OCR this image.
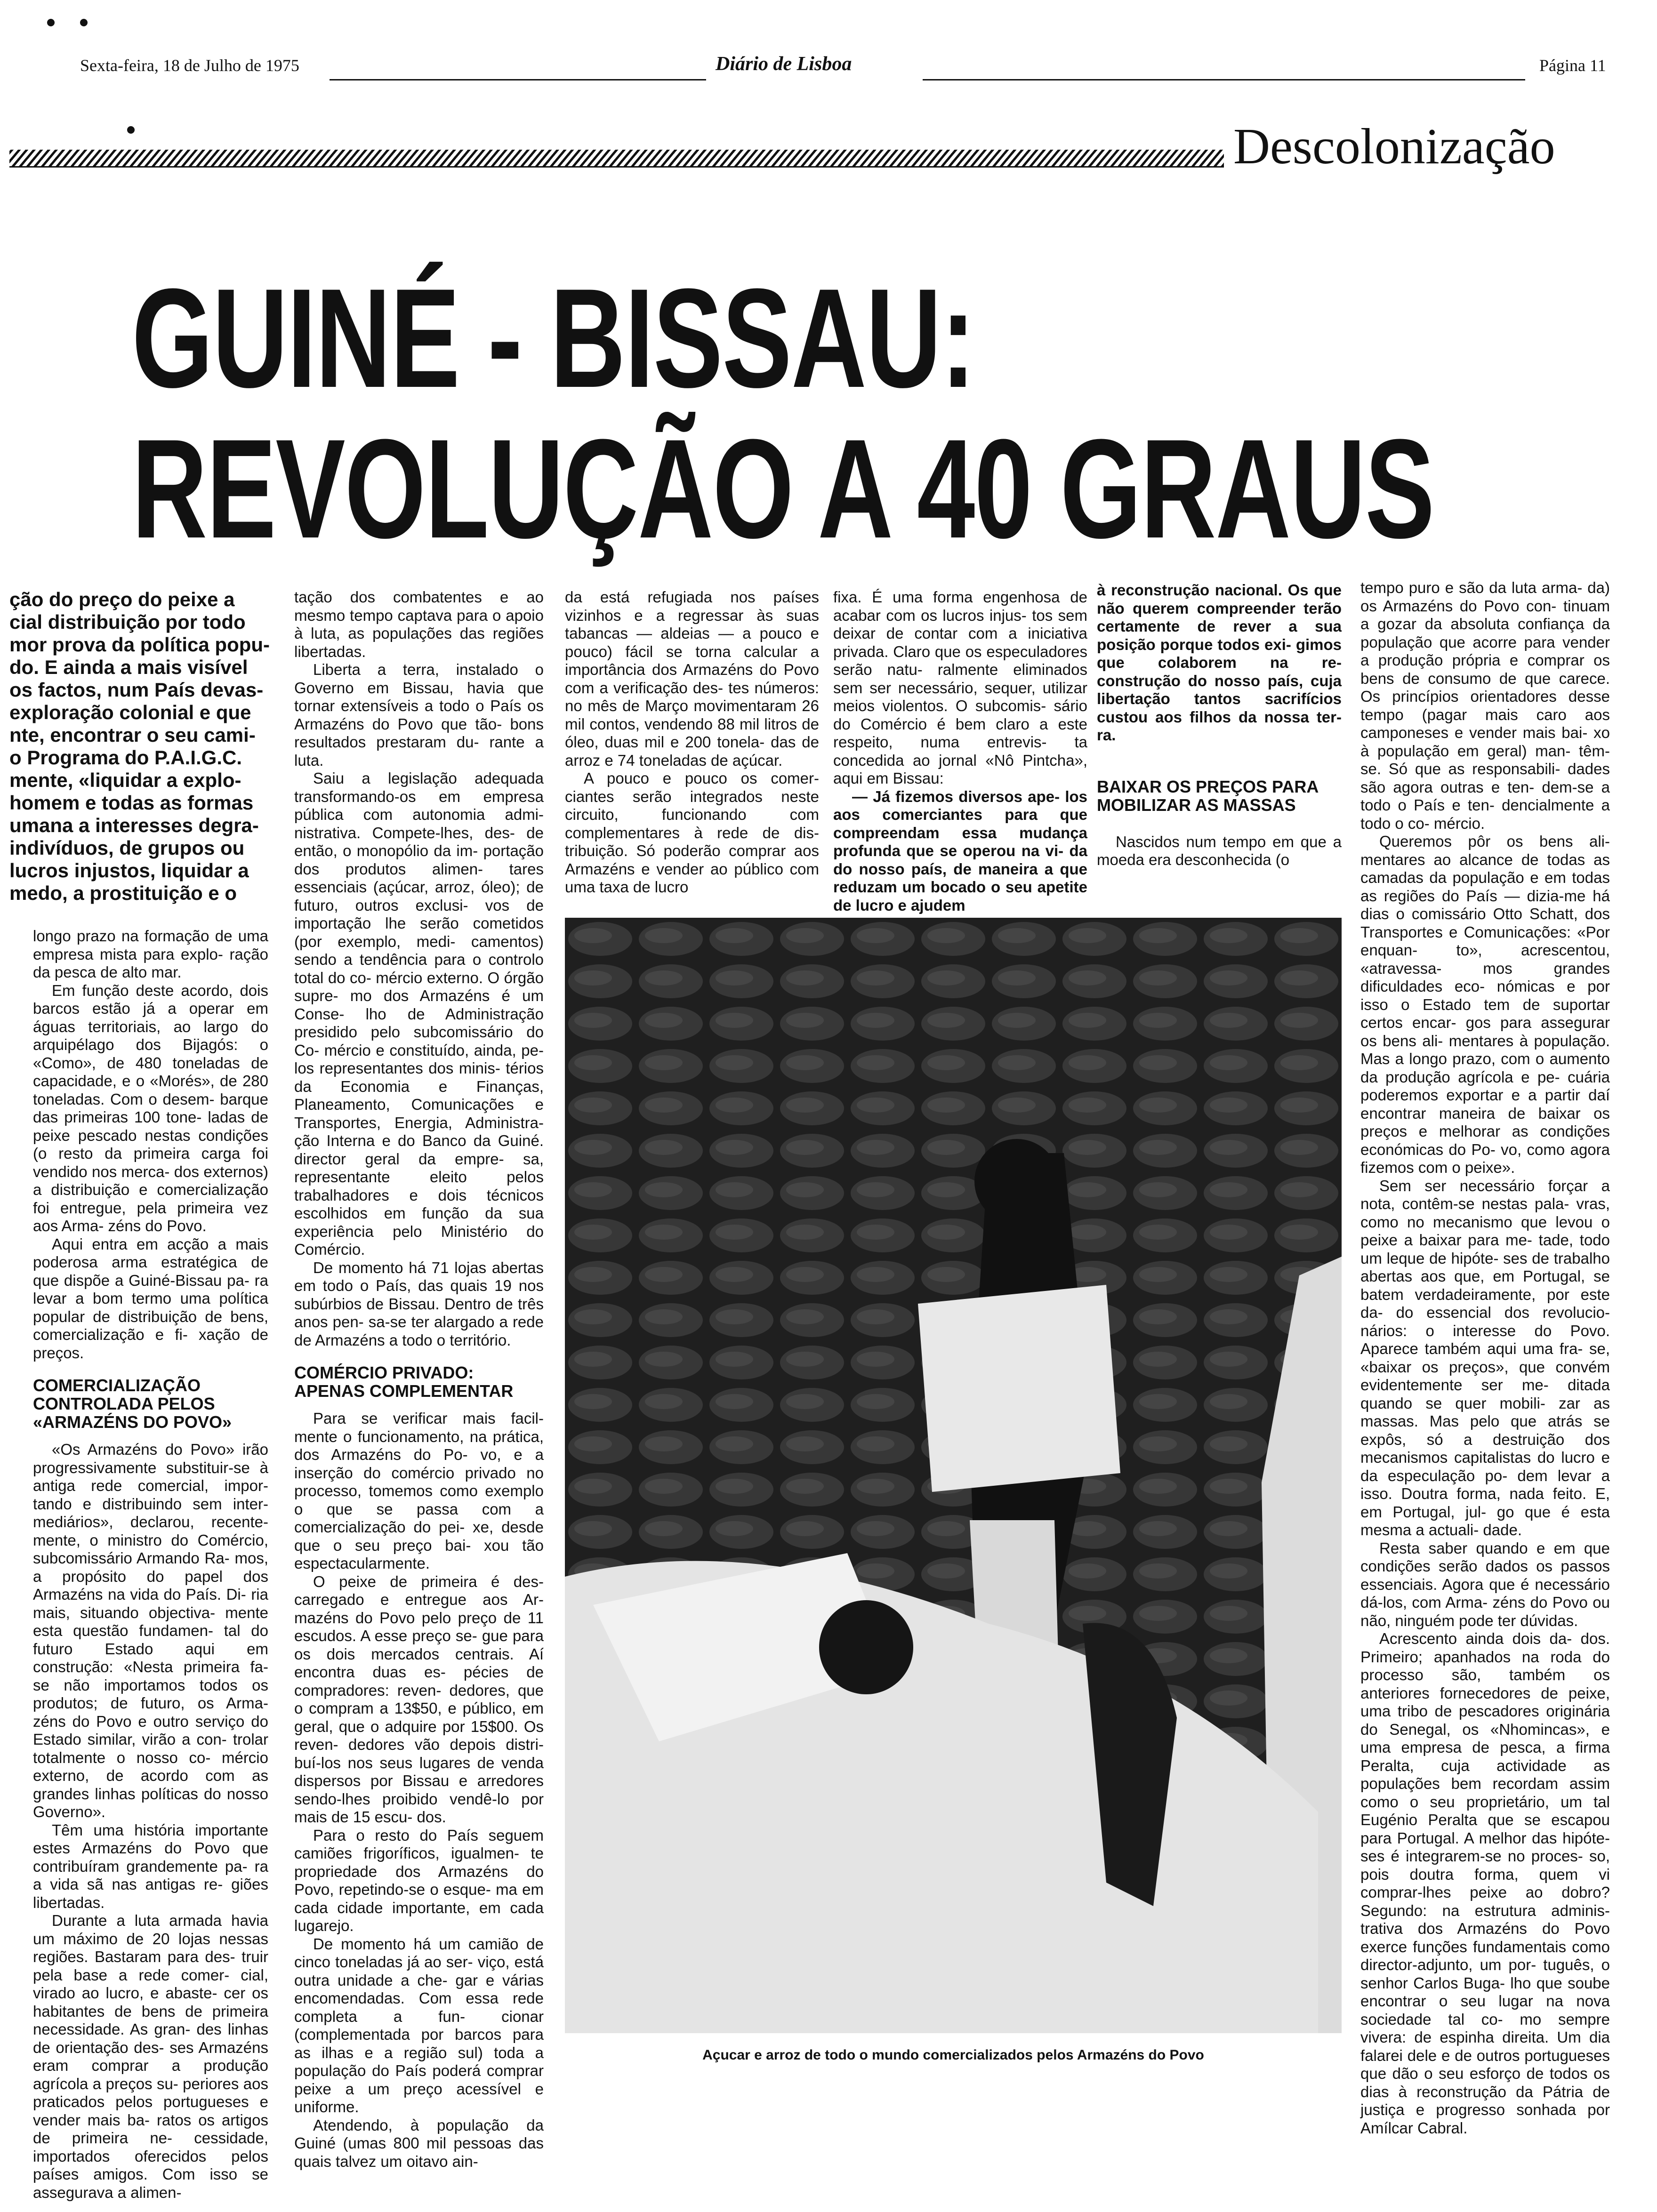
Sexta-feira, 18 de Julho de 1975	Diário de Lisboa	Página 11
Descolonização
GUINÉ - BISSAU:
REVOLUÇÃO A 40 GRAUS
ção do preço do peixe a cial distribuição por todo mor prova da política popu- do. E ainda a mais visível os factos, num País devas- exploração colonial e que nte, encontrar o seu cami- o Programa do P.A.I.G.C. mente, «liquidar a explo- homem e todas as formas umana a interesses degra- indivíduos, de grupos ou lucros injustos, liquidar a medo, a prostituição e o

longo prazo na formação de uma empresa mista para explo- ração da pesca de alto mar.

Em função deste acordo, dois barcos estão já a operar em águas territoriais, ao largo do arquipélago dos Bijagós: o «Como», de 480 toneladas de capacidade, e o «Morés», de 280 toneladas. Com o desem- barque das primeiras 100 tone- ladas de peixe pescado nestas condições (o resto da primeira carga foi vendido nos merca- dos externos) a distribuição e comercialização foi entregue, pela primeira vez aos Arma- zéns do Povo.

Aqui entra em acção a mais poderosa arma estratégica de que dispõe a Guiné-Bissau pa- ra levar a bom termo uma política popular de distribuição de bens, comercialização e fi- xação de preços.

COMERCIALIZAÇÃO CONTROLADA PELOS «ARMAZÉNS DO POVO»

«Os Armazéns do Povo» irão progressivamente substituir-se à antiga rede comercial, impor- tando e distribuindo sem inter- mediários», declarou, recente- mente, o ministro do Comércio, subcomissário Armando Ra- mos, a propósito do papel dos Armazéns na vida do País. Di- ria mais, situando objectiva- mente esta questão fundamen- tal do futuro Estado aqui em construção: «Nesta primeira fa- se não importamos todos os produtos; de futuro, os Arma- zéns do Povo e outro serviço do Estado similar, virão a con- trolar totalmente o nosso co- mércio externo, de acordo com as grandes linhas políticas do nosso Governo».

Têm uma história importante estes Armazéns do Povo que contribuíram grandemente pa- ra a vida sã nas antigas re- giões libertadas.

Durante a luta armada havia um máximo de 20 lojas nessas regiões. Bastaram para des- truir pela base a rede comer- cial, virado ao lucro, e abaste- cer os habitantes de bens de primeira necessidade. As gran- des linhas de orientação des- ses Armazéns eram comprar a produção agrícola a preços su- periores aos praticados pelos portugueses e vender mais ba- ratos os artigos de primeira ne- cessidade, importados oferecidos pelos países amigos. Com isso se assegurava a alimen-

tação dos combatentes e ao mesmo tempo captava para o apoio à luta, as populações das regiões libertadas.

Liberta a terra, instalado o Governo em Bissau, havia que tornar extensíveis a todo o País os Armazéns do Povo que tão- bons resultados prestaram du- rante a luta.

Saiu a legislação adequada transformando-os em empresa pública com autonomia admi- nistrativa. Compete-lhes, des- de então, o monopólio da im- portação dos produtos alimen- tares essenciais (açúcar, arroz, óleo); de futuro, outros exclusi- vos de importação lhe serão cometidos (por exemplo, medi- camentos) sendo a tendência para o controlo total do co- mércio externo. O órgão supre- mo dos Armazéns é um Conse- lho de Administração presidido pelo subcomissário do Co- mércio e constituído, ainda, pe- los representantes dos minis- térios da Economia e Finanças, Planeamento, Comunicações e Transportes, Energia, Administra- ção Interna e do Banco da Guiné. director geral da empre- sa, representante eleito pelos trabalhadores e dois técnicos escolhidos em função da sua experiência pelo Ministério do Comércio.

De momento há 71 lojas abertas em todo o País, das quais 19 nos subúrbios de Bissau. Dentro de três anos pen- sa-se ter alargado a rede de Armazéns a todo o território.

COMÉRCIO PRIVADO: APENAS COMPLEMENTAR

Para se verificar mais facil- mente o funcionamento, na prática, dos Armazéns do Po- vo, e a inserção do comércio privado no processo, tomemos como exemplo o que se passa com a comercialização do pei- xe, desde que o seu preço bai- xou tão espectacularmente.

O peixe de primeira é des- carregado e entregue aos Ar- mazéns do Povo pelo preço de 11 escudos. A esse preço se- gue para os dois mercados centrais. Aí encontra duas es- pécies de compradores: reven- dedores, que o compram a 13$50, e público, em geral, que o adquire por 15$00. Os reven- dedores vão depois distri- buí-los nos seus lugares de venda dispersos por Bissau e arredores sendo-lhes proibido vendê-lo por mais de 15 escu- dos.

Para o resto do País seguem camiões frigoríficos, igualmen- te propriedade dos Armazéns do Povo, repetindo-se o esque- ma em cada cidade importante, em cada lugarejo.

De momento há um camião de cinco toneladas já ao ser- viço, está outra unidade a che- gar e várias encomendadas. Com essa rede completa a fun- cionar (complementada por barcos para as ilhas e a região sul) toda a população do País poderá comprar peixe a um preço acessível e uniforme.

Atendendo, à população da Guiné (umas 800 mil pessoas das quais talvez um oitavo ain-

da está refugiada nos países vizinhos e a regressar às suas tabancas — aldeias — a pouco e pouco) fácil se torna calcular a importância dos Armazéns do Povo com a verificação des- tes números: no mês de Março movimentaram 26 mil contos, vendendo 88 mil litros de óleo, duas mil e 200 tonela- das de arroz e 74 toneladas de açúcar.

A pouco e pouco os comer- ciantes serão integrados neste circuito, funcionando com complementares à rede de dis- tribuição. Só poderão comprar aos Armazéns e vender ao público com uma taxa de lucro

fixa. É uma forma engenhosa de acabar com os lucros injus- tos sem deixar de contar com a iniciativa privada. Claro que os especuladores serão natu- ralmente eliminados sem ser necessário, sequer, utilizar meios violentos. O subcomis- sário do Comércio é bem claro a este respeito, numa entrevis- ta concedida ao jornal «Nô Pintcha», aqui em Bissau:

— Já fizemos diversos ape- los aos comerciantes para que compreendam essa mudança profunda que se operou na vi- da do nosso país, de maneira a que reduzam um bocado o seu apetite de lucro e ajudem

à reconstrução nacional. Os que não querem compreender terão certamente de rever a sua posição porque todos exi- gimos que colaborem na re- construção do nosso país, cuja libertação tantos sacrifícios custou aos filhos da nossa ter- ra.

BAIXAR OS PREÇOS PARA MOBILIZAR AS MASSAS

Nascidos num tempo em que a moeda era desconhecida (o

tempo puro e são da luta arma- da) os Armazéns do Povo con- tinuam a gozar da absoluta confiança da população que acorre para vender a produção própria e comprar os bens de consumo de que carece. Os princípios orientadores desse tempo (pagar mais caro aos camponeses e vender mais bai- xo à população em geral) man- têm-se. Só que as responsabili- dades são agora outras e ten- dem-se a todo o País e ten- dencialmente a todo o co- mércio.

Queremos pôr os bens ali- mentares ao alcance de todas as camadas da população e em todas as regiões do País — dizia-me há dias o comissário Otto Schatt, dos Transportes e Comunicações: «Por enquan- to», acrescentou, «atravessa- mos grandes dificuldades eco- nómicas e por isso o Estado tem de suportar certos encar- gos para assegurar os bens ali- mentares à população. Mas a longo prazo, com o aumento da produção agrícola e pe- cuária poderemos exportar e a partir daí encontrar maneira de baixar os preços e melhorar as condições económicas do Po- vo, como agora fizemos com o peixe».

Sem ser necessário forçar a nota, contêm-se nestas pala- vras, como no mecanismo que levou o peixe a baixar para me- tade, todo um leque de hipóte- ses de trabalho abertas aos que, em Portugal, se batem verdadeiramente, por este da- do essencial dos revolucio- nários: o interesse do Povo. Aparece também aqui uma fra- se, «baixar os preços», que convém evidentemente ser me- ditada quando se quer mobili- zar as massas. Mas pelo que atrás se expôs, só a destruição dos mecanismos capitalistas do lucro e da especulação po- dem levar a isso. Doutra forma, nada feito. E, em Portugal, jul- go que é esta mesma a actuali- dade.

Resta saber quando e em que condições serão dados os passos essenciais. Agora que é necessário dá-los, com Arma- zéns do Povo ou não, ninguém pode ter dúvidas.

Acrescento ainda dois da- dos. Primeiro; apanhados na roda do processo são, também os anteriores fornecedores de peixe, uma tribo de pescadores originária do Senegal, os «Nhomincas», e uma empresa de pesca, a firma Peralta, cuja actividade as populações bem recordam assim como o seu proprietário, um tal Eugénio Peralta que se escapou para Portugal. A melhor das hipóte- ses é integrarem-se no proces- so, pois doutra forma, quem vi comprar-lhes peixe ao dobro? Segundo: na estrutura adminis- trativa dos Armazéns do Povo exerce funções fundamentais como director-adjunto, um por- tuguês, o senhor Carlos Buga- lho que soube encontrar o seu lugar na nova sociedade tal co- mo sempre vivera: de espinha direita. Um dia falarei dele e de outros portugueses que dão o seu esforço de todos os dias à reconstrução da Pátria de justiça e progresso sonhada por Amílcar Cabral.

Açucar e arroz de todo o mundo comercializados pelos Armazéns do Povo
